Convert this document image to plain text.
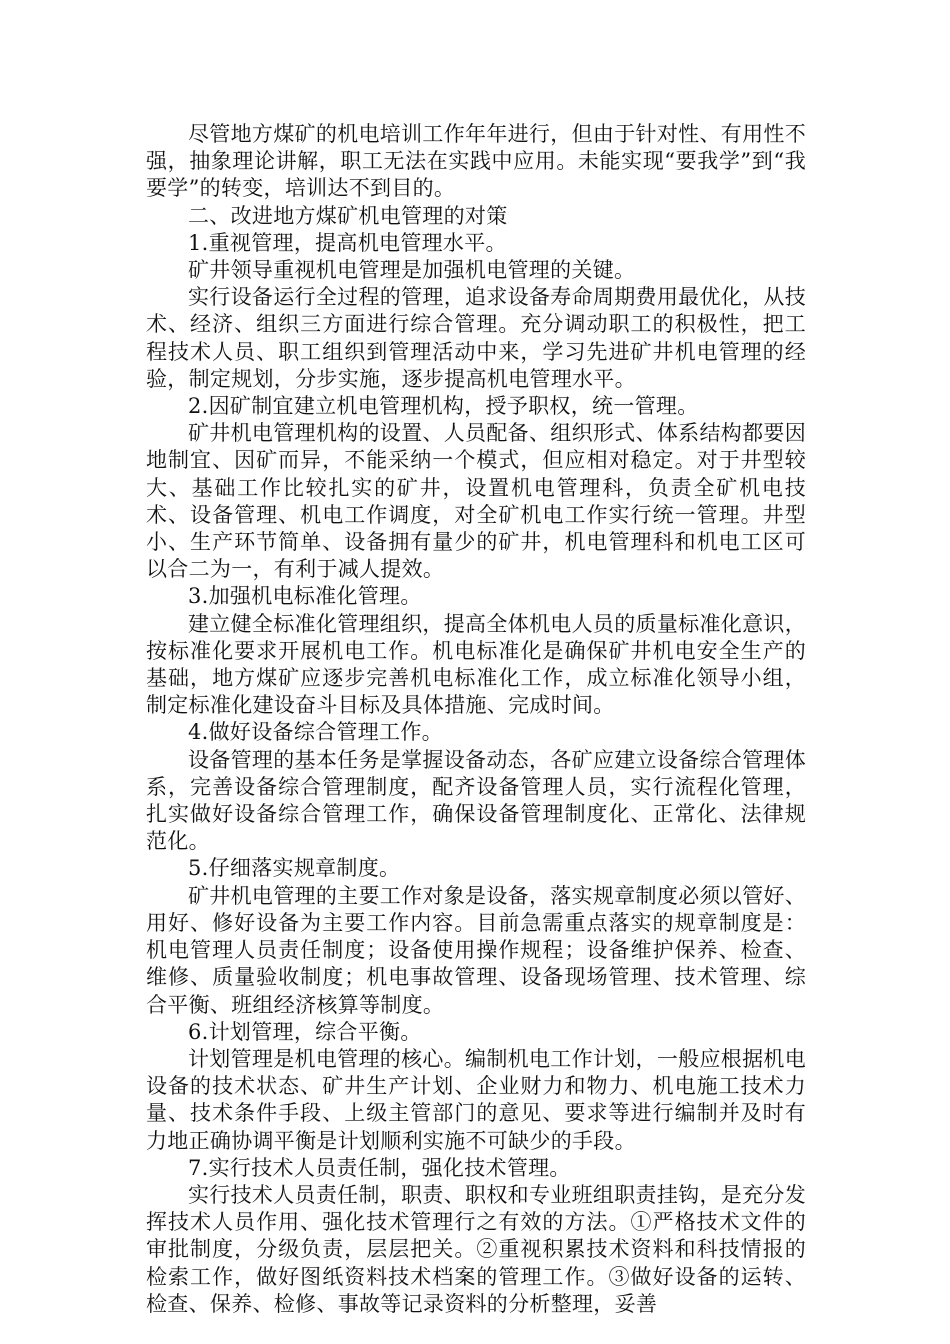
尽管地方煤矿的机电培训工作年年进行，但由于针对性、有用性不强，抽象理论讲解，职工无法在实践中应用。未能实现“要我学”到“我要学”的转变，培训达不到目的。

二、改进地方煤矿机电管理的对策

1.重视管理，提高机电管理水平。

矿井领导重视机电管理是加强机电管理的关键。

实行设备运行全过程的管理，追求设备寿命周期费用最优化，从技术、经济、组织三方面进行综合管理。充分调动职工的积极性，把工程技术人员、职工组织到管理活动中来，学习先进矿井机电管理的经验，制定规划，分步实施，逐步提高机电管理水平。

2.因矿制宜建立机电管理机构，授予职权，统一管理。

矿井机电管理机构的设置、人员配备、组织形式、体系结构都要因地制宜、因矿而异，不能采纳一个模式，但应相对稳定。对于井型较大、基础工作比较扎实的矿井，设置机电管理科，负责全矿机电技术、设备管理、机电工作调度，对全矿机电工作实行统一管理。井型小、生产环节简单、设备拥有量少的矿井，机电管理科和机电工区可以合二为一，有利于减人提效。

3.加强机电标准化管理。

建立健全标准化管理组织，提高全体机电人员的质量标准化意识，按标准化要求开展机电工作。机电标准化是确保矿井机电安全生产的基础，地方煤矿应逐步完善机电标准化工作，成立标准化领导小组，制定标准化建设奋斗目标及具体措施、完成时间。

4.做好设备综合管理工作。

设备管理的基本任务是掌握设备动态，各矿应建立设备综合管理体系，完善设备综合管理制度，配齐设备管理人员，实行流程化管理，扎实做好设备综合管理工作，确保设备管理制度化、正常化、法律规范化。

5.仔细落实规章制度。

矿井机电管理的主要工作对象是设备，落实规章制度必须以管好、用好、修好设备为主要工作内容。目前急需重点落实的规章制度是：机电管理人员责任制度；设备使用操作规程；设备维护保养、检查、维修、质量验收制度；机电事故管理、设备现场管理、技术管理、综合平衡、班组经济核算等制度。

6.计划管理，综合平衡。

计划管理是机电管理的核心。编制机电工作计划，一般应根据机电设备的技术状态、矿井生产计划、企业财力和物力、机电施工技术力量、技术条件手段、上级主管部门的意见、要求等进行编制并及时有力地正确协调平衡是计划顺利实施不可缺少的手段。

7.实行技术人员责任制，强化技术管理。

实行技术人员责任制，职责、职权和专业班组职责挂钩，是充分发挥技术人员作用、强化技术管理行之有效的方法。①严格技术文件的审批制度，分级负责，层层把关。②重视积累技术资料和科技情报的检索工作，做好图纸资料技术档案的管理工作。③做好设备的运转、检查、保养、检修、事故等记录资料的分析整理，妥善
